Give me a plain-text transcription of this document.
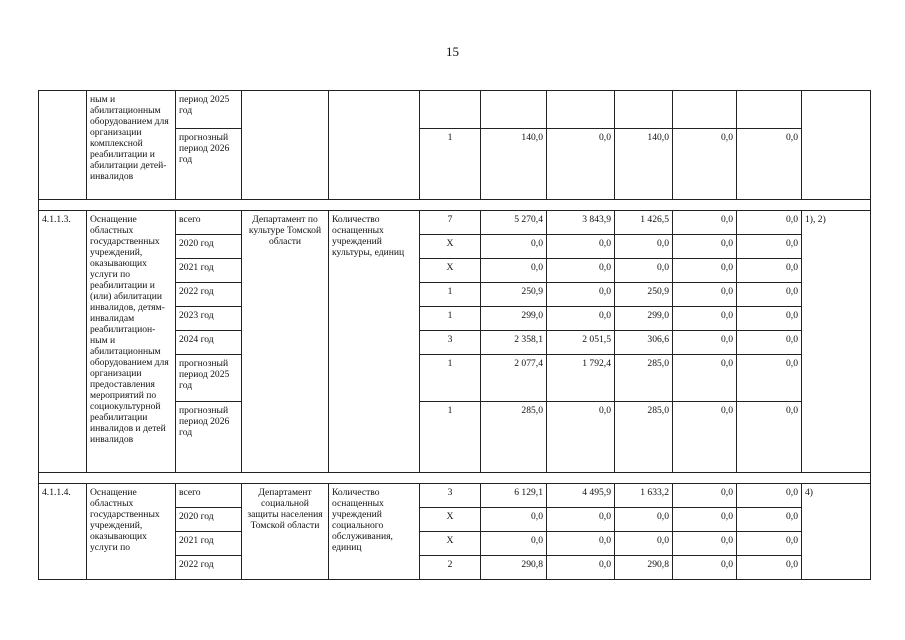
15
	ным и абилитационным оборудованием для организации комплексной реабилитации и абилитации детей-инвалидов	период 2025 год									
		прогнозный период 2026 год			1	140,0	0,0	140,0	0,0	0,0	

4.1.1.3.	Оснащение областных государственных учреждений, оказывающих услуги по реабилитации и (или) абилитации инвалидов, детям-инвалидам реабилитацион-ным и абилитационным оборудованием для организации предоставления мероприятий по социокультурной реабилитации инвалидов и детей инвалидов	всего	Департамент по культуре Томской области	Количество оснащенных учреждений культуры, единиц	7	5 270,4	3 843,9	1 426,5	0,0	0,0	1), 2)
		2020 год			Х	0,0	0,0	0,0	0,0	0,0	
		2021 год			Х	0,0	0,0	0,0	0,0	0,0	
		2022 год			1	250,9	0,0	250,9	0,0	0,0	
		2023 год			1	299,0	0,0	299,0	0,0	0,0	
		2024 год			3	2 358,1	2 051,5	306,6	0,0	0,0	
		прогнозный период 2025 год			1	2 077,4	1 792,4	285,0	0,0	0,0	
		прогнозный период 2026 год			1	285,0	0,0	285,0	0,0	0,0	

4.1.1.4.	Оснащение областных государственных учреждений, оказывающих услуги по	всего	Департамент социальной защиты населения Томской области	Количество оснащенных учреждений социального обслуживания, единиц	3	6 129,1	4 495,9	1 633,2	0,0	0,0	4)
		2020 год			Х	0,0	0,0	0,0	0,0	0,0	
		2021 год			Х	0,0	0,0	0,0	0,0	0,0	
		2022 год			2	290,8	0,0	290,8	0,0	0,0	
